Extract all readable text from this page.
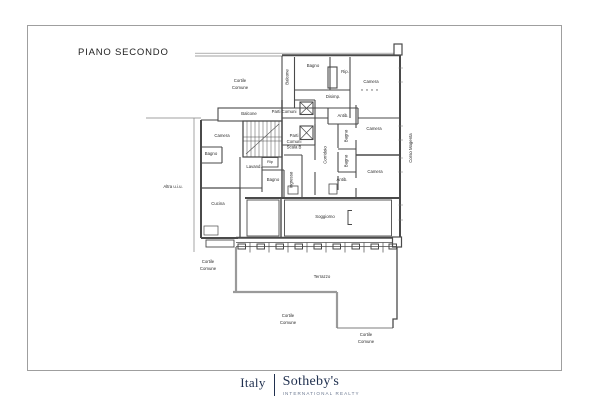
PIANO SECONDO
Cortile Comune
Balcone
Bagno
Rip.
Camera
Disimp.
Balcone	Parti Comuni
Camera
Bagno
Parti Comuni Scala B
Antib.
Corridoio
Bagno
Bagno
Camera
Camera
Antib.
Rip
Lavand.
Bagno Ingresso
Altra u.i.u.
Cucina
Soggiorno
Terrazzo
Cortile Comune
Cortile Comune
Cortile Comune
Corso Magenta
Italy Sotheby's
INTERNATIONAL REALTY
